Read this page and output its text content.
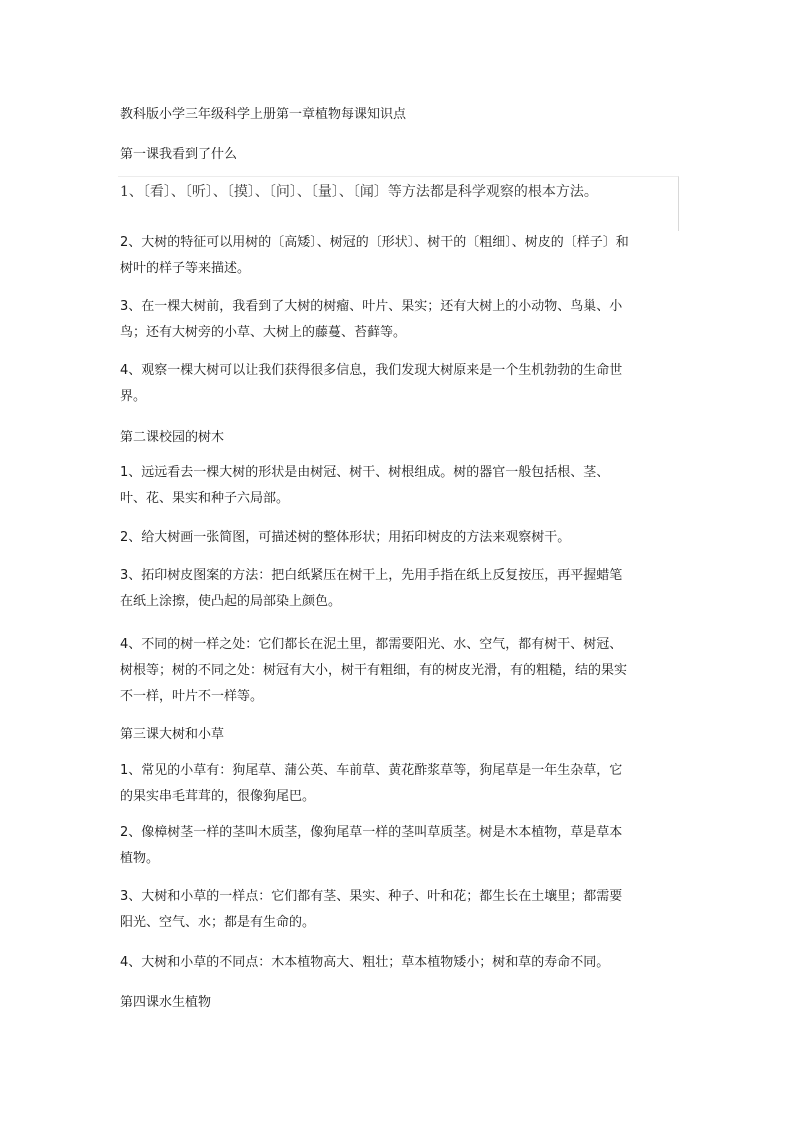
教科版小学三年级科学上册第一章植物每课知识点

第一课我看到了什么

1、〔看〕、〔听〕、〔摸〕、〔问〕、〔量〕、〔闻〕等方法都是科学观察的根本方法。

2、大树的特征可以用树的〔高矮〕、树冠的〔形状〕、树干的〔粗细〕、树皮的〔样子〕和树叶的样子等来描述。

3、在一棵大树前，我看到了大树的树瘤、叶片、果实；还有大树上的小动物、鸟巢、小鸟；还有大树旁的小草、大树上的藤蔓、苔藓等。

4、观察一棵大树可以让我们获得很多信息，我们发现大树原来是一个生机勃勃的生命世界。

第二课校园的树木

1、远远看去一棵大树的形状是由树冠、树干、树根组成。树的器官一般包括根、茎、叶、花、果实和种子六局部。

2、给大树画一张简图，可描述树的整体形状；用拓印树皮的方法来观察树干。

3、拓印树皮图案的方法：把白纸紧压在树干上，先用手指在纸上反复按压，再平握蜡笔在纸上涂擦，使凸起的局部染上颜色。

4、不同的树一样之处：它们都长在泥土里，都需要阳光、水、空气，都有树干、树冠、树根等；树的不同之处：树冠有大小，树干有粗细，有的树皮光滑，有的粗糙，结的果实不一样，叶片不一样等。

第三课大树和小草

1、常见的小草有：狗尾草、蒲公英、车前草、黄花酢浆草等，狗尾草是一年生杂草，它的果实串毛茸茸的，很像狗尾巴。

2、像樟树茎一样的茎叫木质茎，像狗尾草一样的茎叫草质茎。树是木本植物，草是草本植物。

3、大树和小草的一样点：它们都有茎、果实、种子、叶和花；都生长在土壤里；都需要阳光、空气、水；都是有生命的。

4、大树和小草的不同点：木本植物高大、粗壮；草本植物矮小；树和草的寿命不同。

第四课水生植物
